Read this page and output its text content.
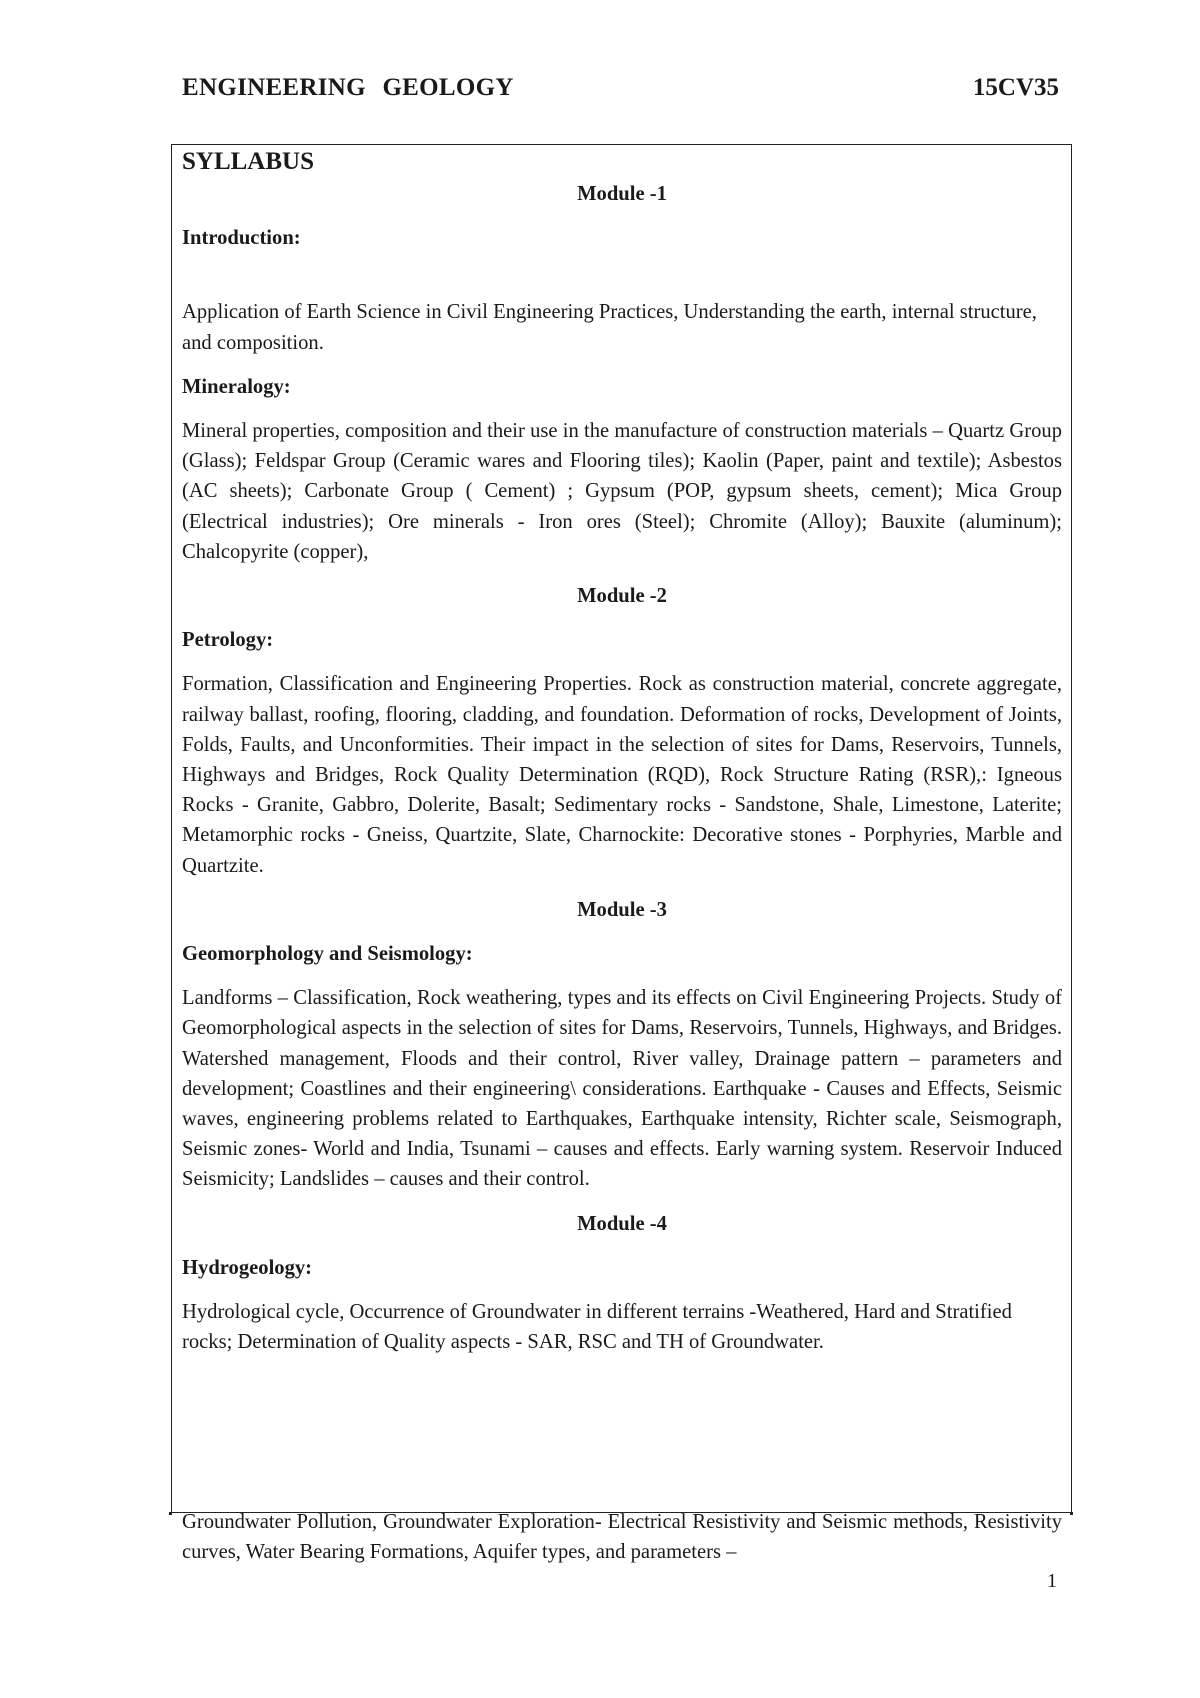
ENGINEERING GEOLOGY	15CV35
SYLLABUS

Module -1

Introduction:

Application of Earth Science in Civil Engineering Practices, Understanding the earth, internal structure, and composition.

Mineralogy:

Mineral properties, composition and their use in the manufacture of construction materials – Quartz Group (Glass); Feldspar Group (Ceramic wares and Flooring tiles); Kaolin (Paper, paint and textile); Asbestos (AC sheets); Carbonate Group ( Cement) ; Gypsum (POP, gypsum sheets, cement); Mica Group (Electrical industries); Ore minerals - Iron ores (Steel); Chromite (Alloy); Bauxite (aluminum); Chalcopyrite (copper),

Module -2

Petrology:

Formation, Classification and Engineering Properties. Rock as construction material, concrete aggregate, railway ballast, roofing, flooring, cladding, and foundation. Deformation of rocks, Development of Joints, Folds, Faults, and Unconformities. Their impact in the selection of sites for Dams, Reservoirs, Tunnels, Highways and Bridges, Rock Quality Determination (RQD), Rock Structure Rating (RSR),: Igneous Rocks - Granite, Gabbro, Dolerite, Basalt; Sedimentary rocks - Sandstone, Shale, Limestone, Laterite; Metamorphic rocks - Gneiss, Quartzite, Slate, Charnockite: Decorative stones - Porphyries, Marble and Quartzite.

Module -3

Geomorphology and Seismology:

Landforms – Classification, Rock weathering, types and its effects on Civil Engineering Projects. Study of Geomorphological aspects in the selection of sites for Dams, Reservoirs, Tunnels, Highways, and Bridges. Watershed management, Floods and their control, River valley, Drainage pattern – parameters and development; Coastlines and their engineering\ considerations. Earthquake - Causes and Effects, Seismic waves, engineering problems related to Earthquakes, Earthquake intensity, Richter scale, Seismograph, Seismic zones- World and India, Tsunami – causes and effects. Early warning system. Reservoir Induced Seismicity; Landslides – causes and their control.

Module -4

Hydrogeology:

Hydrological cycle, Occurrence of Groundwater in different terrains -Weathered, Hard and Stratified rocks; Determination of Quality aspects - SAR, RSC and TH of Groundwater.

Groundwater Pollution, Groundwater Exploration- Electrical Resistivity and Seismic methods, Resistivity curves, Water Bearing Formations, Aquifer types, and parameters –
1
